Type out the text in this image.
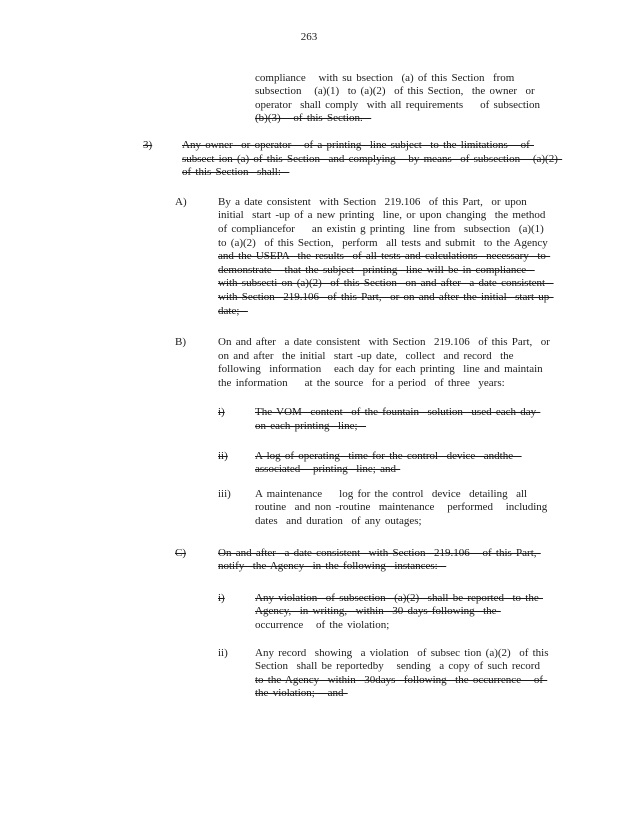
263
compliance   with su bsection  (a) of this Section  from
subsection   (a)(1)  to (a)(2)  of this Section,  the owner  or
operator  shall comply  with all requirements    of subsection
(b)(3)   of this Section.
3)	Any owner  or operator   of a printing  line subject  to the limitations   of
subsect ion (a) of this Section  and complying   by means  of subsection   (a)(2)
of this Section  shall:
A)	By a date consistent  with Section  219.106  of this Part,  or upon
initial  start -up of a new printing  line, or upon changing  the method
of compliancefor    an existin g printing  line from  subsection  (a)(1)
to (a)(2)  of this Section,  perform  all tests and submit  to the Agency
and the USEPA  the results  of all tests and calculations  necessary  to
demonstrate   that the subject  printing  line will be in compliance
with subsecti on (a)(2)  of this Section  on and after  a date consistent
with Section  219.106  of this Part,  or on and after the initial  start up
date;
B)	On and after  a date consistent  with Section  219.106  of this Part,  or
on and after  the initial  start -up date,  collect  and record  the
following  information   each day for each printing  line and maintain
the information    at the source  for a period  of three  years:
i)	The VOM  content  of the fountain  solution  used each day
on each printing  line;
ii)	A log of operating  time for the control  device  andthe
associated   printing  line; and
iii)	A maintenance    log for the control  device  detailing  all
routine  and non -routine  maintenance   performed   including
dates  and duration  of any outages;
C)	On and after  a date consistent  with Section  219.106   of this Part,
notify  the Agency  in the following  instances:
i)	Any violation  of subsection  (a)(2)  shall be reported  to the
Agency,  in writing,  within  30 days following  the
occurrence   of the violation;
ii)	Any record  showing  a violation  of subsec tion (a)(2)  of this
Section  shall be reportedby   sending  a copy of such record
to the Agency  within  30days  following  the occurrence   of
the violation;   and
